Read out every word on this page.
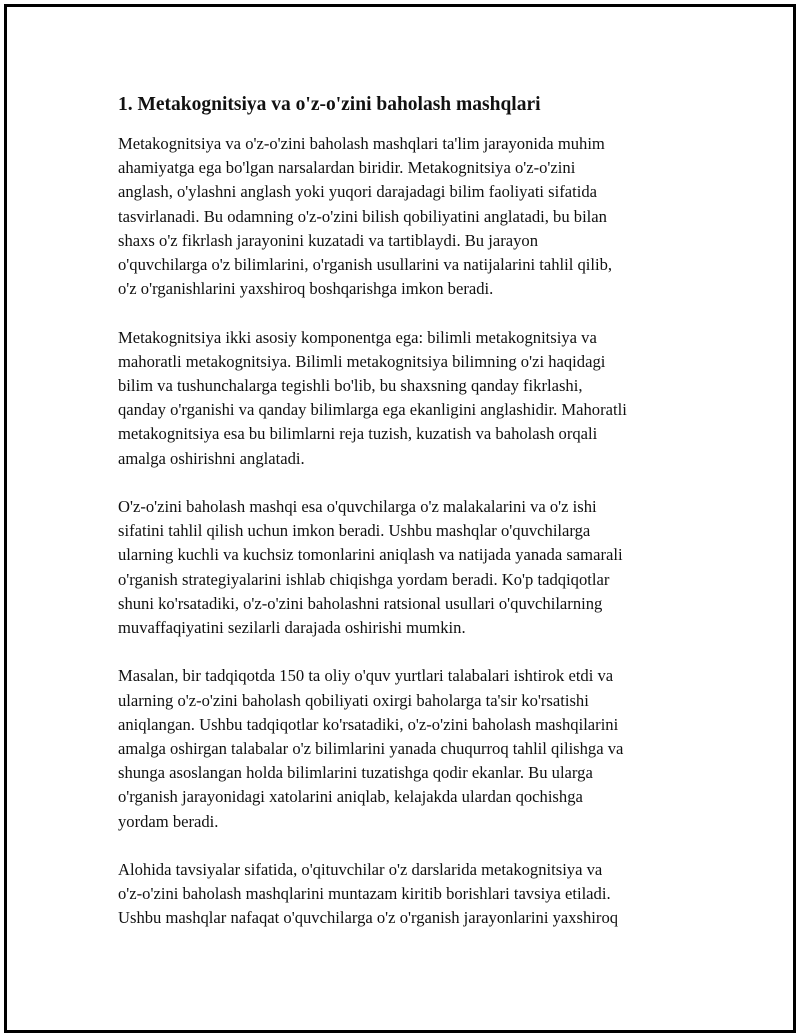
1. Metakognitsiya va o'z-o'zini baholash mashqlari

Metakognitsiya va o'z-o'zini baholash mashqlari ta'lim jarayonida muhim
ahamiyatga ega bo'lgan narsalardan biridir. Metakognitsiya o'z-o'zini
anglash, o'ylashni anglash yoki yuqori darajadagi bilim faoliyati sifatida
tasvirlanadi. Bu odamning o'z-o'zini bilish qobiliyatini anglatadi, bu bilan
shaxs o'z fikrlash jarayonini kuzatadi va tartiblaydi. Bu jarayon
o'quvchilarga o'z bilimlarini, o'rganish usullarini va natijalarini tahlil qilib,
o'z o'rganishlarini yaxshiroq boshqarishga imkon beradi.

Metakognitsiya ikki asosiy komponentga ega: bilimli metakognitsiya va
mahoratli metakognitsiya. Bilimli metakognitsiya bilimning o'zi haqidagi
bilim va tushunchalarga tegishli bo'lib, bu shaxsning qanday fikrlashi,
qanday o'rganishi va qanday bilimlarga ega ekanligini anglashidir. Mahoratli
metakognitsiya esa bu bilimlarni reja tuzish, kuzatish va baholash orqali
amalga oshirishni anglatadi.

O'z-o'zini baholash mashqi esa o'quvchilarga o'z malakalarini va o'z ishi
sifatini tahlil qilish uchun imkon beradi. Ushbu mashqlar o'quvchilarga
ularning kuchli va kuchsiz tomonlarini aniqlash va natijada yanada samarali
o'rganish strategiyalarini ishlab chiqishga yordam beradi. Ko'p tadqiqotlar
shuni ko'rsatadiki, o'z-o'zini baholashni ratsional usullari o'quvchilarning
muvaffaqiyatini sezilarli darajada oshirishi mumkin.

Masalan, bir tadqiqotda 150 ta oliy o'quv yurtlari talabalari ishtirok etdi va
ularning o'z-o'zini baholash qobiliyati oxirgi baholarga ta'sir ko'rsatishi
aniqlangan. Ushbu tadqiqotlar ko'rsatadiki, o'z-o'zini baholash mashqilarini
amalga oshirgan talabalar o'z bilimlarini yanada chuqurroq tahlil qilishga va
shunga asoslangan holda bilimlarini tuzatishga qodir ekanlar. Bu ularga
o'rganish jarayonidagi xatolarini aniqlab, kelajakda ulardan qochishga
yordam beradi.

Alohida tavsiyalar sifatida, o'qituvchilar o'z darslarida metakognitsiya va
o'z-o'zini baholash mashqlarini muntazam kiritib borishlari tavsiya etiladi.
Ushbu mashqlar nafaqat o'quvchilarga o'z o'rganish jarayonlarini yaxshiroq
